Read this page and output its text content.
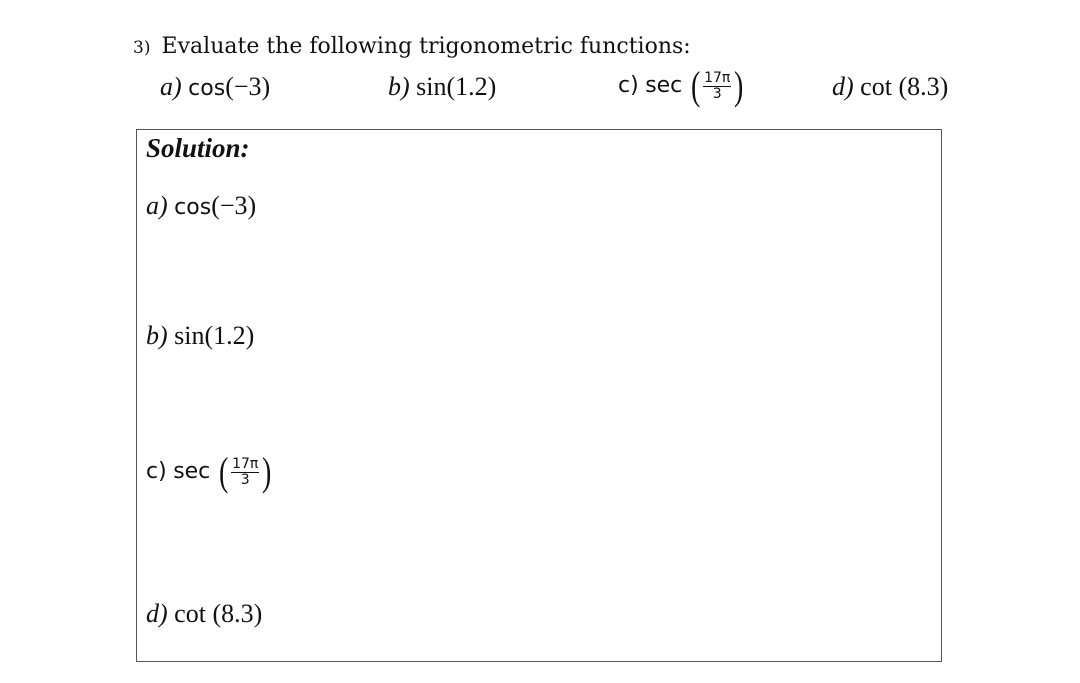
3) Evaluate the following trigonometric functions:
a) cos(−3)	b) sin(1.2)	c) sec ( $\frac{17\pi}{3}$ )	d) cot (8.3)
Solution:
a) cos(−3)
b) sin(1.2)
c) sec ( $\frac{17\pi}{3}$ )
d) cot (8.3)
